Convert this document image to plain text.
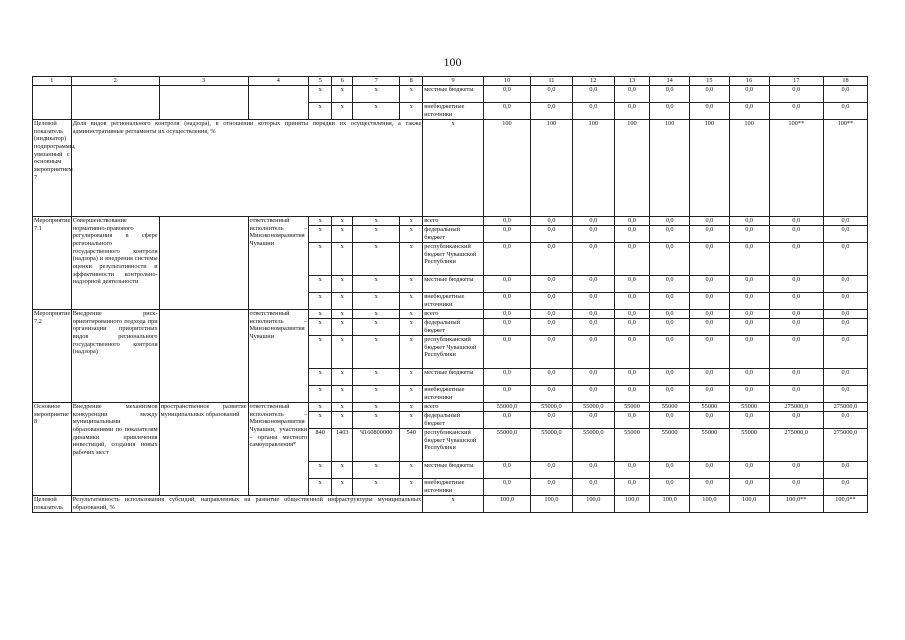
100
1	2	3	4	5	6	7	8	9	10	11	12	13	14	15	16	17	18
				x	x	x	x	местные бюджеты	0,0	0,0	0,0	0,0	0,0	0,0	0,0	0,0	0,0
				x	x	x	x	внебюджетные источники	0,0	0,0	0,0	0,0	0,0	0,0	0,0	0,0	0,0
Целевой показатель (индикатор) подпрограммы, увязанный с основным мероприятием 7	Доля видов регионального контроля (надзора), в отношении которых приняты порядки их осуществления, а также административные регламенты их осуществления, %							x	100	100	100	100	100	100	100	100**	100**
Мероприятие 7.1	Совершенствование нормативно-правового регулирования в сфере регионального государственного контроля (надзора) и внедрения системы оценки результативности и эффективности контрольно-надзорной деятельности		ответственный исполнитель – Минэкономразвития Чувашии	x	x	x	x	всего	0,0	0,0	0,0	0,0	0,0	0,0	0,0	0,0	0,0
				x	x	x	x	федеральный бюджет	0,0	0,0	0,0	0,0	0,0	0,0	0,0	0,0	0,0
				x	x	x	x	республиканский бюджет Чувашской Республики	0,0	0,0	0,0	0,0	0,0	0,0	0,0	0,0	0,0
				x	x	x	x	местные бюджеты	0,0	0,0	0,0	0,0	0,0	0,0	0,0	0,0	0,0
				x	x	x	x	внебюджетные источники	0,0	0,0	0,0	0,0	0,0	0,0	0,0	0,0	0,0
Мероприятие 7.2	Внедрение риск-ориентированного подхода при организации приоритетных видов регионального государственного контроля (надзора)		ответственный исполнитель – Минэкономразвития Чувашии	x	x	x	x	всего	0,0	0,0	0,0	0,0	0,0	0,0	0,0	0,0	0,0
				x	x	x	x	федеральный бюджет	0,0	0,0	0,0	0,0	0,0	0,0	0,0	0,0	0,0
				x	x	x	x	республиканский бюджет Чувашской Республики	0,0	0,0	0,0	0,0	0,0	0,0	0,0	0,0	0,0
				x	x	x	x	местные бюджеты	0,0	0,0	0,0	0,0	0,0	0,0	0,0	0,0	0,0
				x	x	x	x	внебюджетные источники	0,0	0,0	0,0	0,0	0,0	0,0	0,0	0,0	0,0
Основное мероприятие 8	Внедрение механизмов конкуренции между муниципальными образованиями по показателям динамики привлечения инвестиций, создания новых рабочих мест	пространственное развитие муниципальных образований	ответственный исполнитель – Минэкономразвития Чувашии, участники – органы местного самоуправления*	x	x	x	x	всего	55000,0	55000,0	55000,0	55000	55000	55000	55000	275000,0	275000,0
				x	x	x	x	федеральный бюджет	0,0	0,0	0,0	0,0	0,0	0,0	0,0	0,0	0,0
				840	1403	Ч160800000	540	республиканский бюджет Чувашской Республики	55000,0	55000,0	55000,0	55000	55000	55000	55000	275000,0	275000,0
				x	x	x	x	местные бюджеты	0,0	0,0	0,0	0,0	0,0	0,0	0,0	0,0	0,0
				x	x	x	x	внебюджетные источники	0,0	0,0	0,0	0,0	0,0	0,0	0,0	0,0	0,0
Целевой показатель	Результативность использования субсидий, направленных на развитие общественной инфраструктуры муниципальных образований, %							x	100,0	100,0	100,0	100,0	100,0	100,0	100,0	100,0**	100,0**
